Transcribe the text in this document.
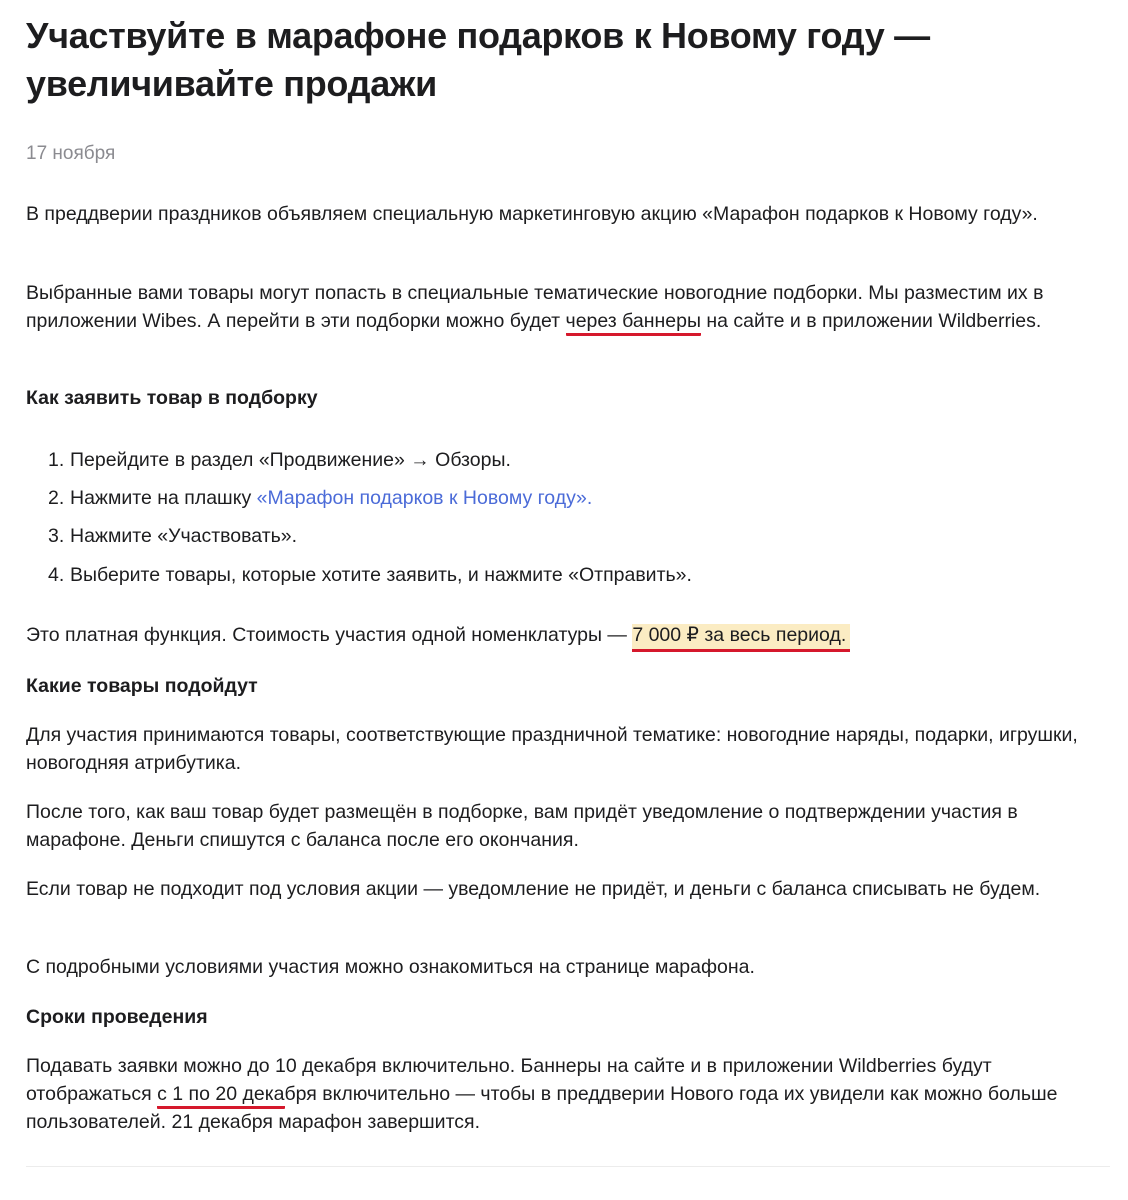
Участвуйте в марафоне подарков к Новому году — увеличивайте продажи
17 ноября

В преддверии праздников объявляем специальную маркетинговую акцию «Марафон подарков к Новому году».

Выбранные вами товары могут попасть в специальные тематические новогодние подборки. Мы разместим их в приложении Wibes. А перейти в эти подборки можно будет через баннеры на сайте и в приложении Wildberries.

Как заявить товар в подборку
1. Перейдите в раздел «Продвижение» → Обзоры.
2. Нажмите на плашку «Марафон подарков к Новому году».
3. Нажмите «Участвовать».
4. Выберите товары, которые хотите заявить, и нажмите «Отправить».

Это платная функция. Стоимость участия одной номенклатуры — 7 000 ₽ за весь период.

Какие товары подойдут

Для участия принимаются товары, соответствующие праздничной тематике: новогодние наряды, подарки, игрушки, новогодняя атрибутика.

После того, как ваш товар будет размещён в подборке, вам придёт уведомление о подтверждении участия в марафоне. Деньги спишутся с баланса после его окончания.

Если товар не подходит под условия акции — уведомление не придёт, и деньги с баланса списывать не будем.

С подробными условиями участия можно ознакомиться на странице марафона.

Сроки проведения

Подавать заявки можно до 10 декабря включительно. Баннеры на сайте и в приложении Wildberries будут отображаться с 1 по 20 декабря включительно — чтобы в преддверии Нового года их увидели как можно больше пользователей. 21 декабря марафон завершится.
